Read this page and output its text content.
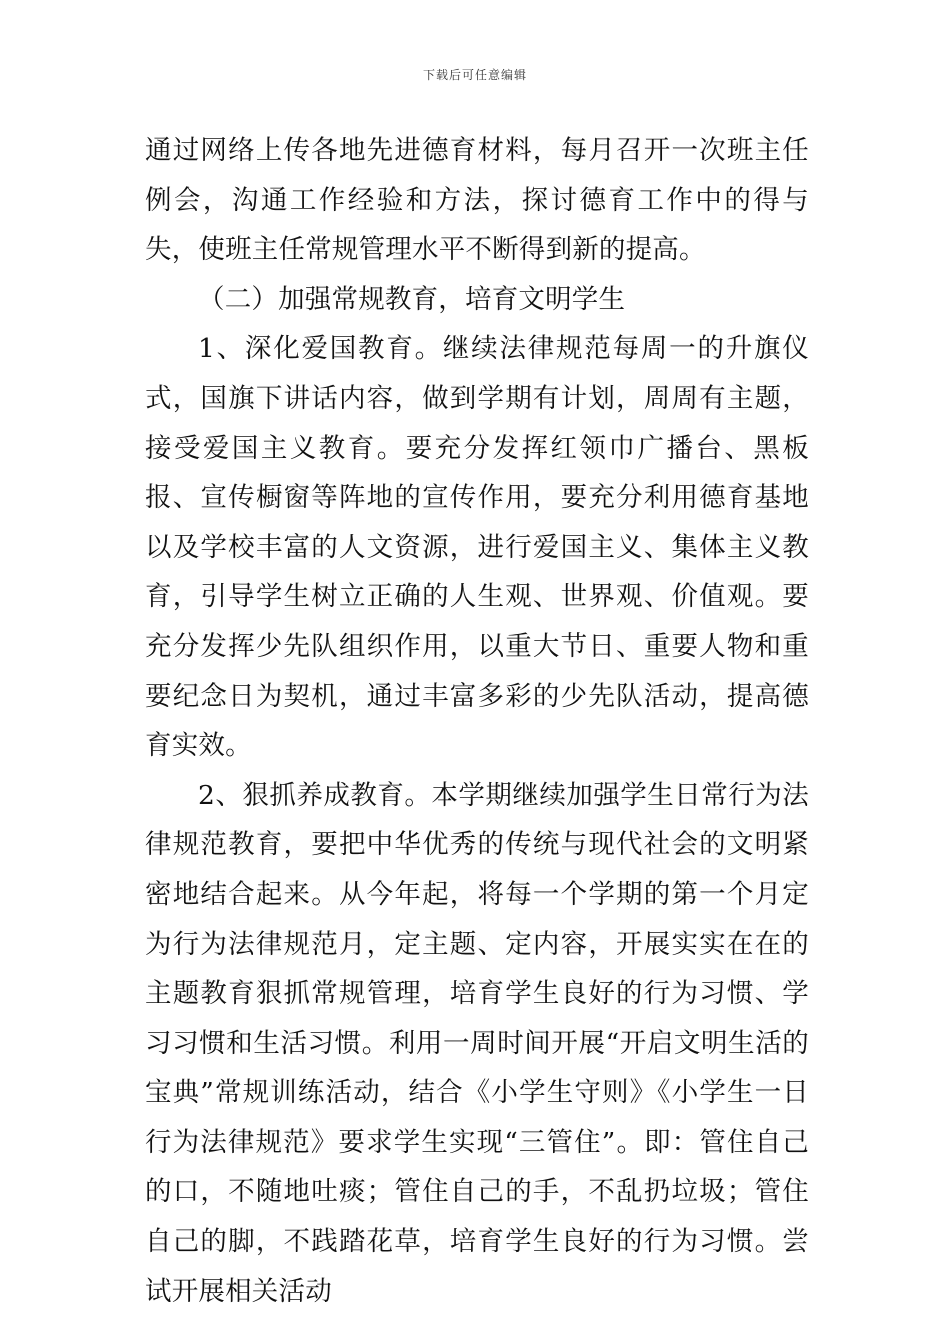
下载后可任意编辑

通过网络上传各地先进德育材料，每月召开一次班主任例会，沟通工作经验和方法，探讨德育工作中的得与失，使班主任常规管理水平不断得到新的提高。

（二）加强常规教育，培育文明学生

1、深化爱国教育。继续法律规范每周一的升旗仪式，国旗下讲话内容，做到学期有计划，周周有主题，接受爱国主义教育。要充分发挥红领巾广播台、黑板报、宣传橱窗等阵地的宣传作用，要充分利用德育基地以及学校丰富的人文资源，进行爱国主义、集体主义教育，引导学生树立正确的人生观、世界观、价值观。要充分发挥少先队组织作用，以重大节日、重要人物和重要纪念日为契机，通过丰富多彩的少先队活动，提高德育实效。

2、狠抓养成教育。本学期继续加强学生日常行为法律规范教育，要把中华优秀的传统与现代社会的文明紧密地结合起来。从今年起，将每一个学期的第一个月定为行为法律规范月，定主题、定内容，开展实实在在的主题教育狠抓常规管理，培育学生良好的行为习惯、学习习惯和生活习惯。利用一周时间开展“开启文明生活的宝典”常规训练活动，结合《小学生守则》《小学生一日行为法律规范》要求学生实现“三管住”。即：管住自己的口，不随地吐痰；管住自己的手，不乱扔垃圾；管住自己的脚，不践踏花草，培育学生良好的行为习惯。尝试开展相关活动
